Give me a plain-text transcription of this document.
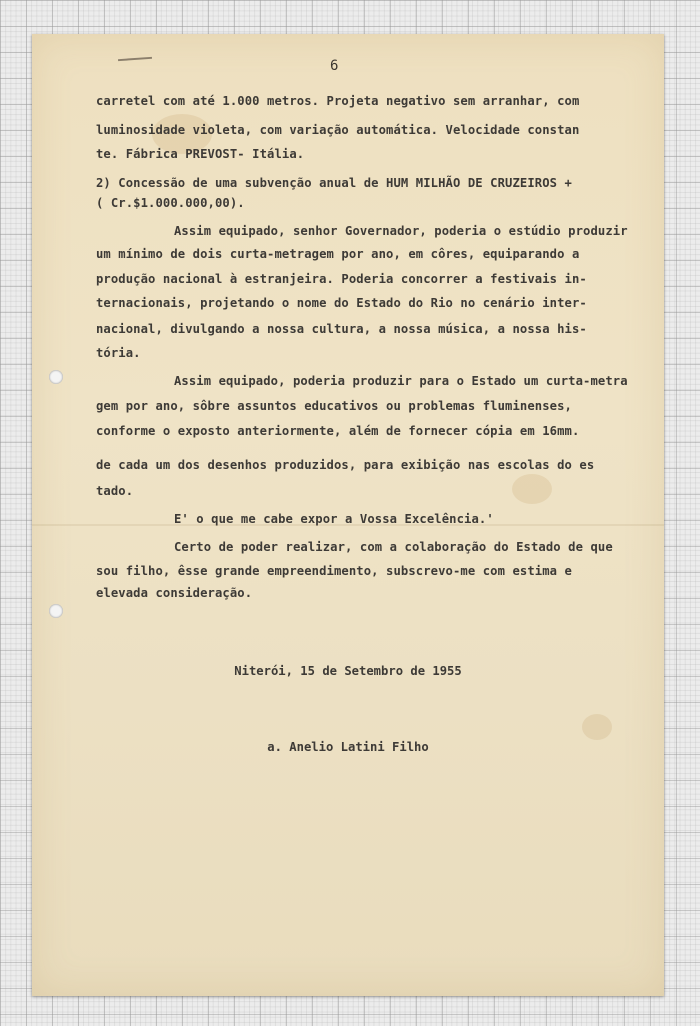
6
carretel com até 1.000 metros. Projeta negativo sem arranhar, com
luminosidade violeta, com variação automática. Velocidade constan
te. Fábrica PREVOST- Itália.
2) Concessão de uma subvenção anual de HUM MILHÃO DE CRUZEIROS +
( Cr.$1.000.000,00).
Assim equipado, senhor Governador, poderia o estúdio produzir
um mínimo de dois curta-metragem por ano, em côres, equiparando a
produção nacional à estranjeira. Poderia concorrer a festivais in-
ternacionais, projetando o nome do Estado do Rio no cenário inter-
nacional, divulgando a nossa cultura, a nossa música, a nossa his-
tória.
Assim equipado, poderia produzir para o Estado um curta-metra
gem por ano, sôbre assuntos educativos ou problemas fluminenses,
conforme o exposto anteriormente, além de fornecer cópia em 16mm.
de cada um dos desenhos produzidos, para exibição nas escolas do es
tado.
E' o que me cabe expor a Vossa Excelência.'
Certo de poder realizar, com a colaboração do Estado de que
sou filho, êsse grande empreendimento, subscrevo-me com estima e
elevada consideração.
Niterói, 15 de Setembro de 1955
a. Anelio Latini Filho
